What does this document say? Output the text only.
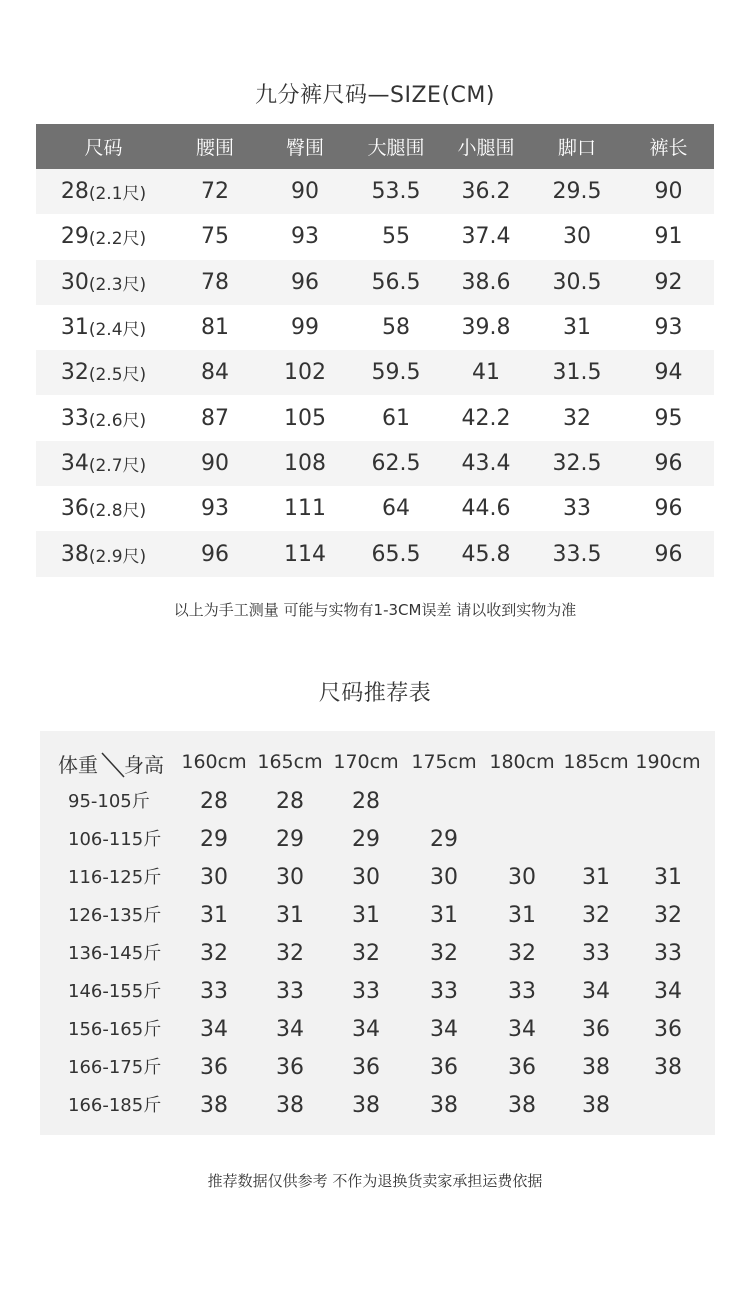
九分裤尺码—SIZE(CM)
尺码	腰围	臀围	大腿围	小腿围	脚口	裤长
28 (2.1尺)	72	90	53.5	36.2	29.5	90
29 (2.2尺)	75	93	55	37.4	30	91
30 (2.3尺)	78	96	56.5	38.6	30.5	92
31 (2.4尺)	81	99	58	39.8	31	93
32 (2.5尺)	84	102	59.5	41	31.5	94
33 (2.6尺)	87	105	61	42.2	32	95
34 (2.7尺)	90	108	62.5	43.4	32.5	96
36 (2.8尺)	93	111	64	44.6	33	96
38 (2.9尺)	96	114	65.5	45.8	33.5	96
以上为手工测量 可能与实物有1-3CM误差 请以收到实物为准
尺码推荐表
体重 身高 160cm 165cm 170cm 175cm 180cm 185cm 190cm
95-105斤	28	28	28
106-115斤	29	29	29	29
116-125斤	30	30	30	30	30	31	31
126-135斤	31	31	31	31	31	32	32
136-145斤	32	32	32	32	32	33	33
146-155斤	33	33	33	33	33	34	34
156-165斤	34	34	34	34	34	36	36
166-175斤	36	36	36	36	36	38	38
166-185斤	38	38	38	38	38	38
推荐数据仅供参考 不作为退换货卖家承担运费依据
